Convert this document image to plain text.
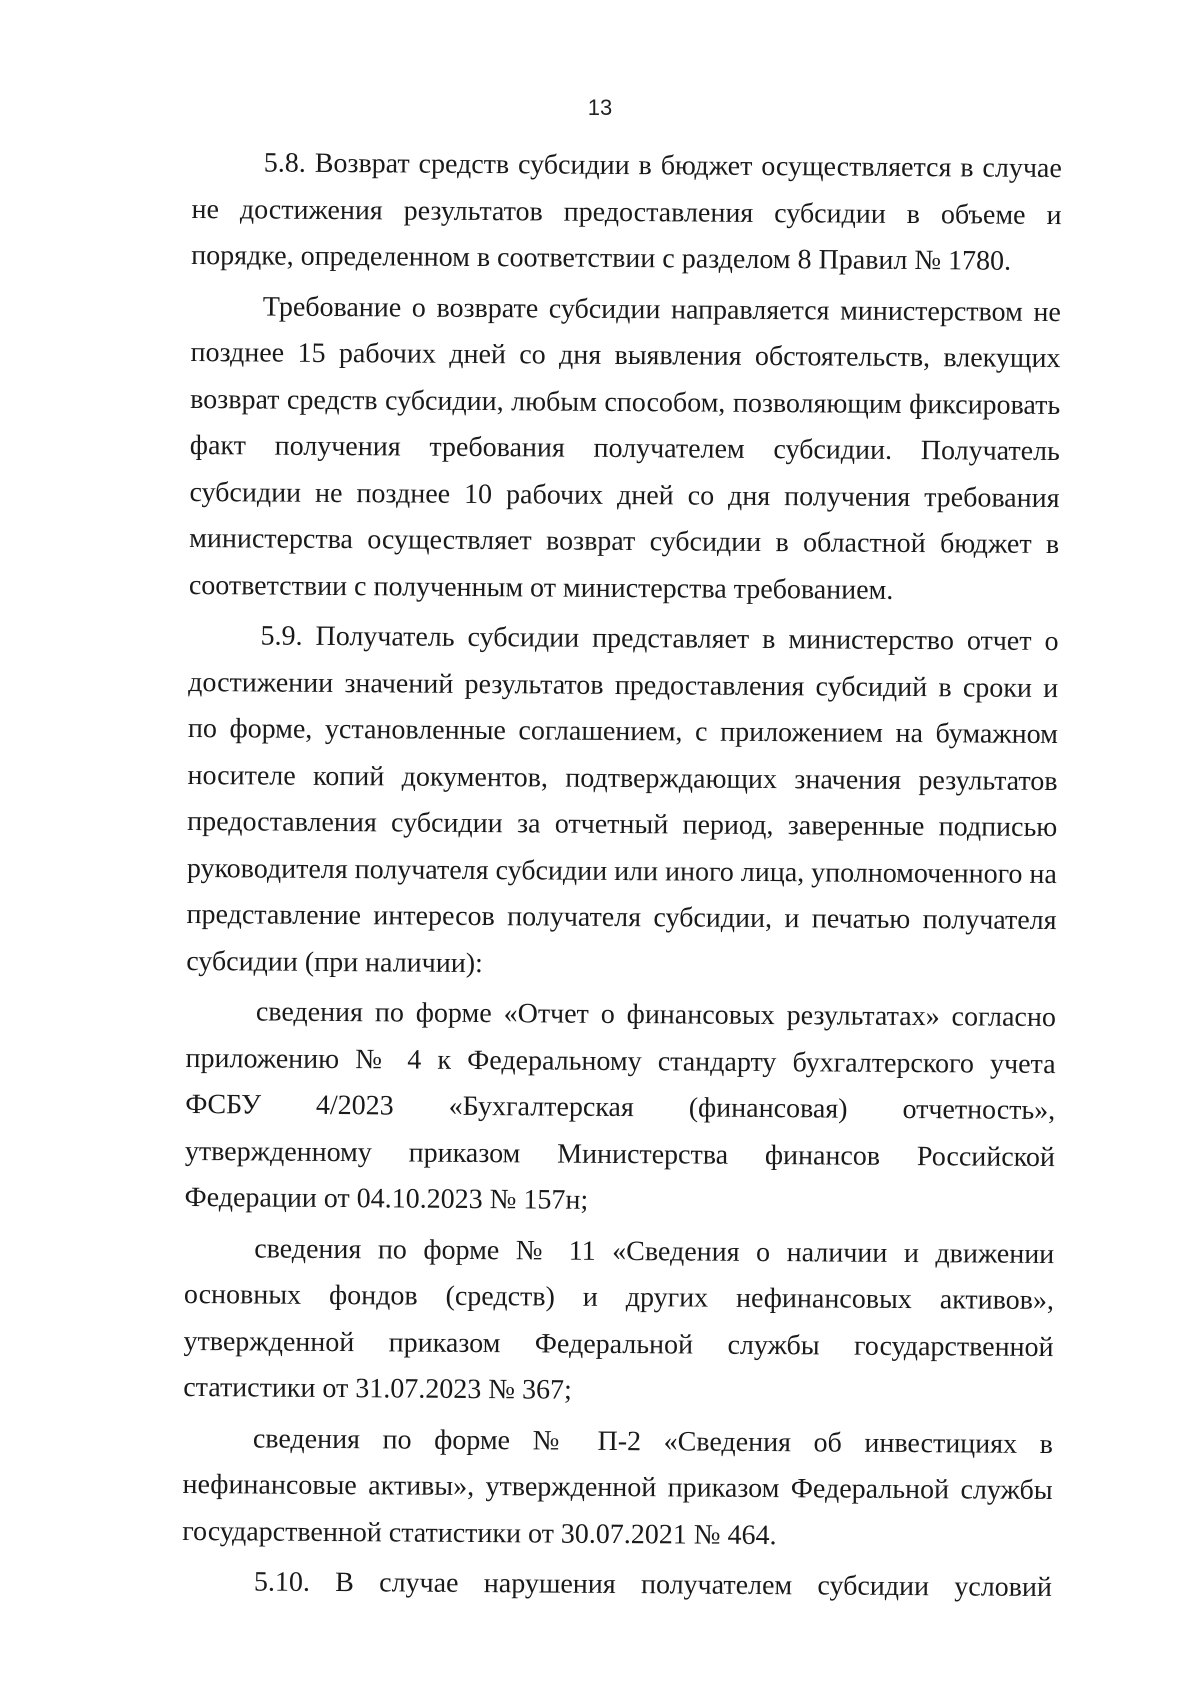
13

5.8. Возврат средств субсидии в бюджет осуществляется в случае не достижения результатов предоставления субсидии в объеме и порядке, определенном в соответствии с разделом 8 Правил № 1780.

Требование о возврате субсидии направляется министерством не позднее 15 рабочих дней со дня выявления обстоятельств, влекущих возврат средств субсидии, любым способом, позволяющим фиксировать факт получения требования получателем субсидии. Получатель субсидии не позднее 10 рабочих дней со дня получения требования министерства осуществляет возврат субсидии в областной бюджет в соответствии с полученным от министерства требованием.

5.9. Получатель субсидии представляет в министерство отчет о достижении значений результатов предоставления субсидий в сроки и по форме, установленные соглашением, с приложением на бумажном носителе копий документов, подтверждающих значения результатов предоставления субсидии за отчетный период, заверенные подписью руководителя получателя субсидии или иного лица, уполномоченного на представление интересов получателя субсидии, и печатью получателя субсидии (при наличии):

сведения по форме «Отчет о финансовых результатах» согласно приложению № 4 к Федеральному стандарту бухгалтерского учета ФСБУ 4/2023 «Бухгалтерская (финансовая) отчетность», утвержденному приказом Министерства финансов Российской Федерации от 04.10.2023 № 157н;

сведения по форме № 11 «Сведения о наличии и движении основных фондов (средств) и других нефинансовых активов», утвержденной приказом Федеральной службы государственной статистики от 31.07.2023 № 367;

сведения по форме № П-2 «Сведения об инвестициях в нефинансовые активы», утвержденной приказом Федеральной службы государственной статистики от 30.07.2021 № 464.

5.10. В случае нарушения получателем субсидии условий
